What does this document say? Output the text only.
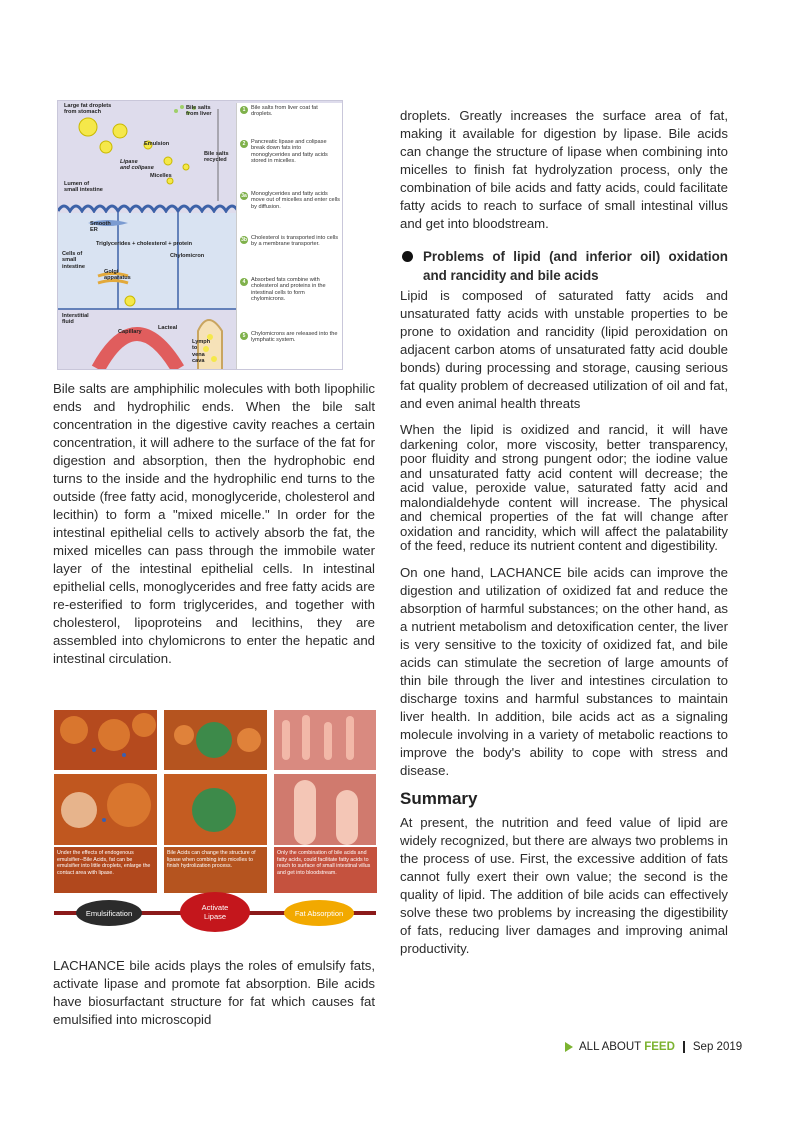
Large fat droplets
from stomach
Bile salts
from liver
Emulsion
Lipase
and colipase
Bile salts
recycled
Micelles
Lumen of
small intestine
Smooth
ER
Triglycerides + cholesterol + protein
Chylomicron
Cells of
small
intestine
Golgi
apparatus
Interstitial
fluid
Lacteal
Capillary
Lymph
to
vena
cava
1	Bile salts from liver coat fat droplets.
2	Pancreatic lipase and colipase break down fats into monoglycerides and fatty acids stored in micelles.
3a Monoglycerides and fatty acids move out of micelles and enter cells by diffusion.
3b Cholesterol is transported into cells by a membrane transporter.
4	Absorbed fats combine with cholesterol and proteins in the intestinal cells to form chylomicrons.
5	Chylomicrons are released into the lymphatic system.

Bile salts are amphiphilic molecules with both lipophilic ends and hydrophilic ends. When the bile salt concentration in the digestive cavity reaches a certain concentration, it will adhere to the surface of the fat for digestion and absorption, then the hydrophobic end turns to the inside and the hydrophilic end turns to the outside (free fatty acid, monoglyceride, cholesterol and lecithin) to form a "mixed micelle." In order for the intestinal epithelial cells to actively absorb the fat, the mixed micelles can pass through the immobile water layer of the intestinal epithelial cells. In intestinal epithelial cells, monoglycerides and free fatty acids are re-esterified to form triglycerides, and together with cholesterol, lipoproteins and lecithins, they are assembled into chylomicrons to enter the hepatic and intestinal circulation.

Under the effects of endogenous emulsifier--Bile Acids, fat can be emulsifier into little droplets, enlarge the contact area with lipase.
Bile Acids can change the structure of lipase when combing into micelles to finish hydrolization process.
Only the combination of bile acids and fatty acids, could facilitate fatty acids to reach to surface of small intestinal villus and get into bloodstream.
Emulsification
Activate Lipase	Fat Absorption

LACHANCE bile acids plays the roles of emulsify fats, activate lipase and promote fat absorption. Bile acids have biosurfactant structure for fat which causes fat emulsified into microscopid

droplets. Greatly increases the surface area of fat, making it available for digestion by lipase. Bile acids can change the structure of lipase when combining into micelles to finish fat hydrolyzation process, only the combination of bile acids and fatty acids, could facilitate fatty acids to reach to surface of small intestinal villus and get into bloodstream.

Problems of lipid (and inferior oil) oxidation and rancidity and bile acids

Lipid is composed of saturated fatty acids and unsaturated fatty acids with unstable properties to be prone to oxidation and rancidity (lipid peroxidation on adjacent carbon atoms of unsaturated fatty acid double bonds) during processing and storage, causing serious fat quality problem of decreased utilization of oil and fat, and even animal health threats

When the lipid is oxidized and rancid, it will have darkening color, more viscosity, better transparency, poor fluidity and strong pungent odor; the iodine value and unsaturated fatty acid content will decrease; the acid value, peroxide value, saturated fatty acid and malondialdehyde content will increase. The physical and chemical properties of the fat will change after oxidation and rancidity, which will affect the palatability of the feed, reduce its nutrient content and digestibility.

On one hand, LACHANCE bile acids can improve the digestion and utilization of oxidized fat and reduce the absorption of harmful substances; on the other hand, as a nutrient metabolism and detoxification center, the liver is very sensitive to the toxicity of oxidized fat, and bile acids can stimulate the secretion of large amounts of thin bile through the liver and intestines circulation to discharge toxins and harmful substances to maintain liver health. In addition, bile acids act as a signaling molecule involving in a variety of metabolic reactions to improve the body's ability to cope with stress and disease.

Summary

At present, the nutrition and feed value of lipid are widely recognized, but there are always two problems in the process of use. First, the excessive addition of fats cannot fully exert their own value; the second is the quality of lipid. The addition of bile acids can effectively solve these two problems by increasing the digestibility of fats, reducing liver damages and improving animal productivity.

ALL ABOUT FEED Sep 2019
